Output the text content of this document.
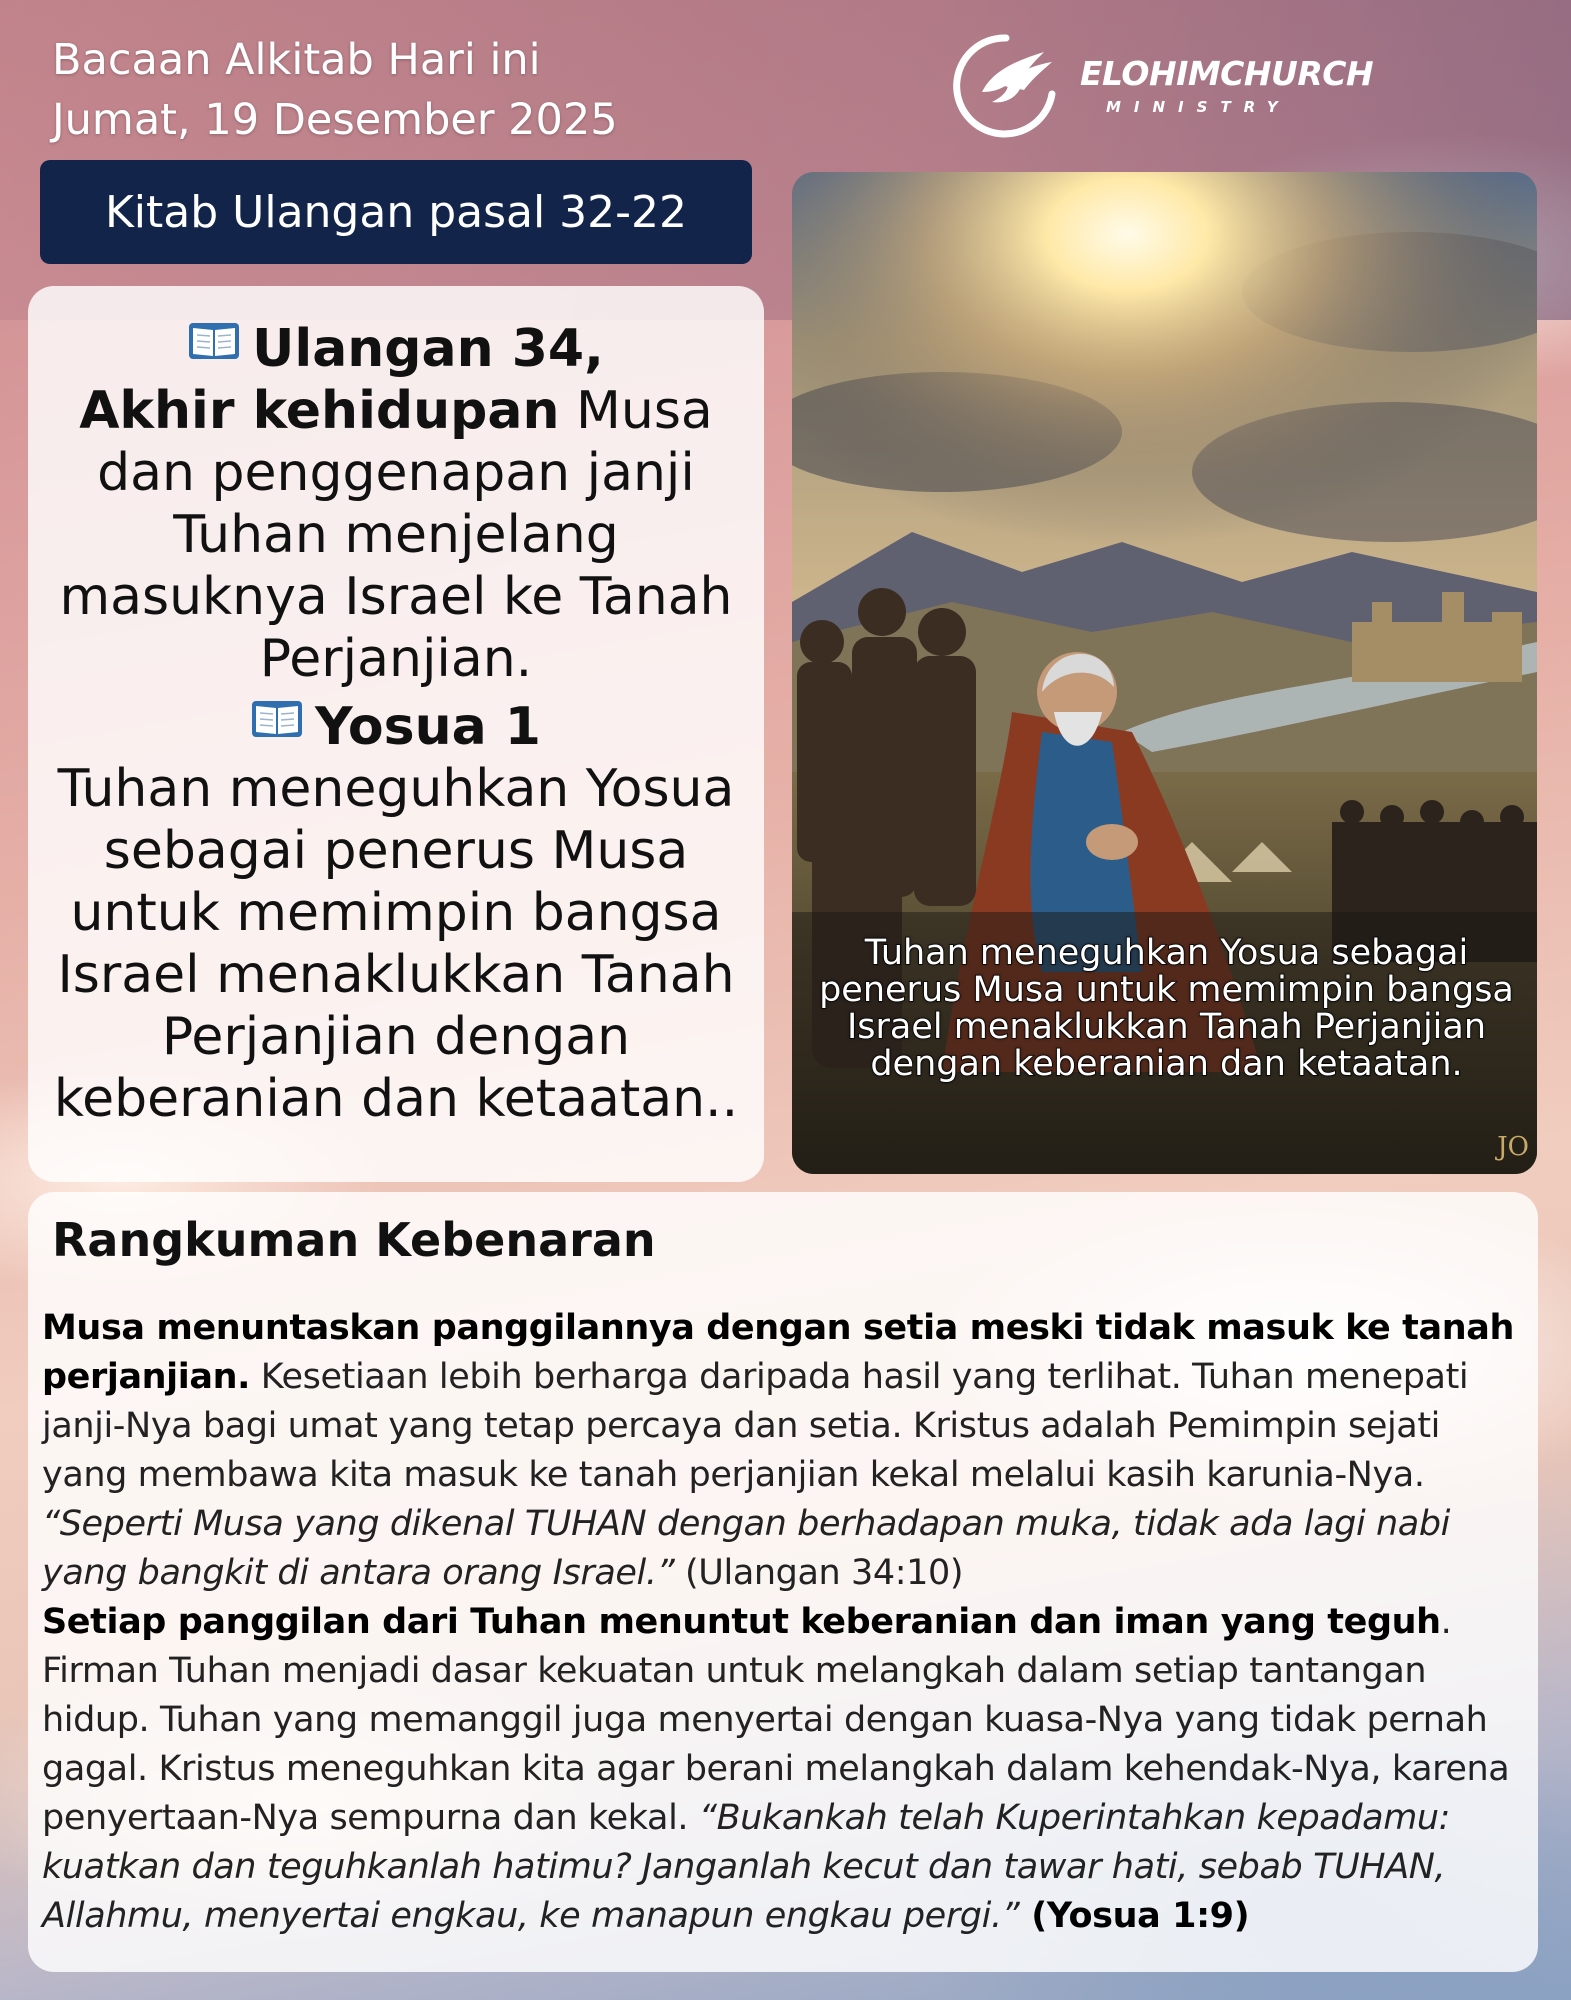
Bacaan Alkitab Hari ini
Jumat, 19 Desember 2025
ELOHIMCHURCH
MINISTRY
Kitab Ulangan pasal 32-22
Ulangan 34,
Akhir kehidupan Musa dan penggenapan janji Tuhan menjelang masuknya Israel ke Tanah Perjanjian.
Yosua 1
Tuhan meneguhkan Yosua sebagai penerus Musa untuk memimpin bangsa Israel menaklukkan Tanah Perjanjian dengan keberanian dan ketaatan..
Tuhan meneguhkan Yosua sebagai penerus Musa untuk memimpin bangsa Israel menaklukkan Tanah Perjanjian dengan keberanian dan ketaatan.
JO
Rangkuman Kebenaran
Musa menuntaskan panggilannya dengan setia meski tidak masuk ke tanah perjanjian. Kesetiaan lebih berharga daripada hasil yang terlihat. Tuhan menepati janji-Nya bagi umat yang tetap percaya dan setia. Kristus adalah Pemimpin sejati yang membawa kita masuk ke tanah perjanjian kekal melalui kasih karunia-Nya. “Seperti Musa yang dikenal TUHAN dengan berhadapan muka, tidak ada lagi nabi yang bangkit di antara orang Israel.” (Ulangan 34:10)
Setiap panggilan dari Tuhan menuntut keberanian dan iman yang teguh. Firman Tuhan menjadi dasar kekuatan untuk melangkah dalam setiap tantangan hidup. Tuhan yang memanggil juga menyertai dengan kuasa-Nya yang tidak pernah gagal. Kristus meneguhkan kita agar berani melangkah dalam kehendak-Nya, karena penyertaan-Nya sempurna dan kekal. “Bukankah telah Kuperintahkan kepadamu: kuatkan dan teguhkanlah hatimu? Janganlah kecut dan tawar hati, sebab TUHAN, Allahmu, menyertai engkau, ke manapun engkau pergi.” (Yosua 1:9)
